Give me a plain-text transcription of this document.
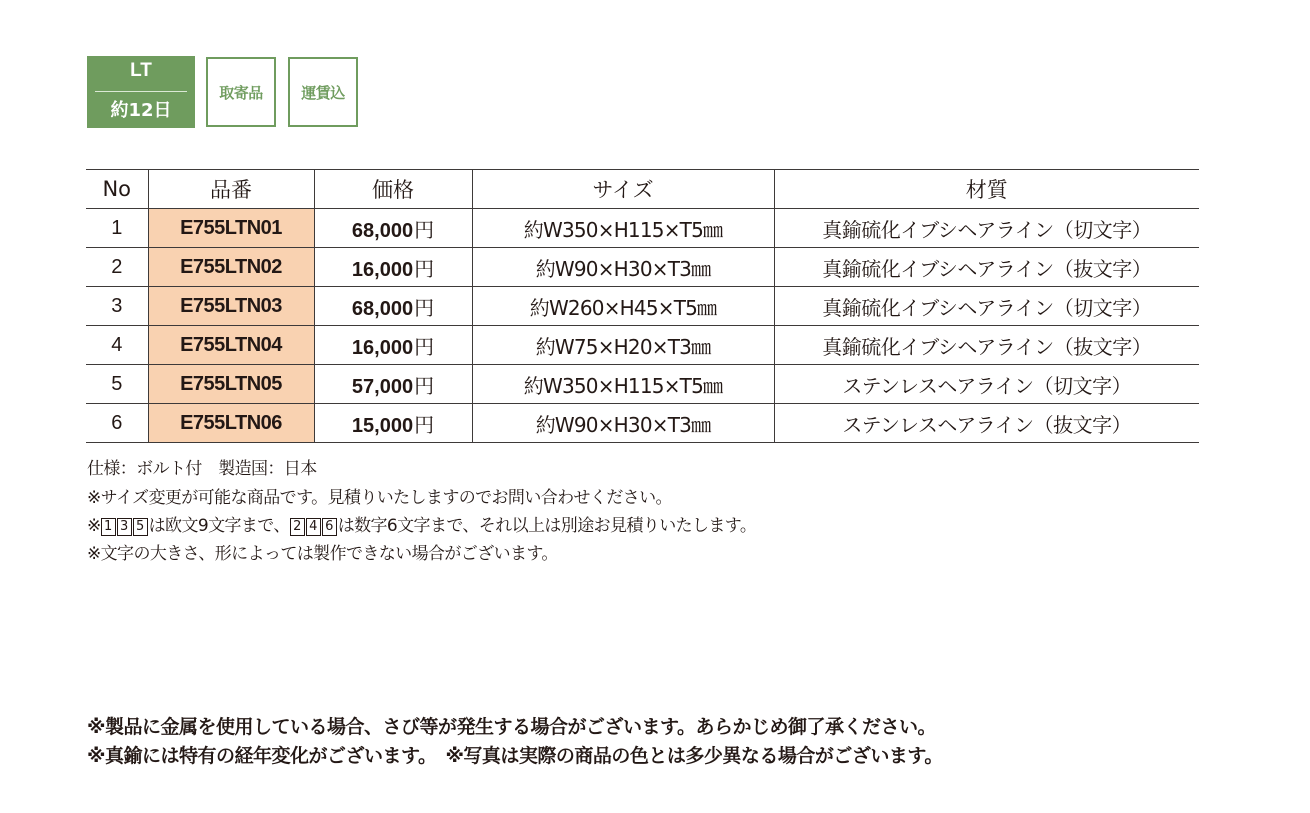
LT
約12日
取寄品	運賃込
No	品番	価格	サイズ	材質
1	E755LTN01	68,000円	約W350×H115×T5㎜	真鍮硫化イブシヘアライン（切文字）
2	E755LTN02	16,000円	約W90×H30×T3㎜	真鍮硫化イブシヘアライン（抜文字）
3	E755LTN03	68,000円	約W260×H45×T5㎜	真鍮硫化イブシヘアライン（切文字）
4	E755LTN04	16,000円	約W75×H20×T3㎜	真鍮硫化イブシヘアライン（抜文字）
5	E755LTN05	57,000円	約W350×H115×T5㎜	ステンレスヘアライン（切文字）
6	E755LTN06	15,000円	約W90×H30×T3㎜	ステンレスヘアライン（抜文字）
仕様：ボルト付　製造国：日本
※サイズ変更が可能な商品です。見積りいたしますのでお問い合わせください。
※ 1 3 5 は欧文9文字まで、 2 4 6 は数字6文字まで、それ以上は別途お見積りいたします。
※文字の大きさ、形によっては製作できない場合がございます。
※製品に金属を使用している場合、さび等が発生する場合がございます。あらかじめ御了承ください。
※真鍮には特有の経年変化がございます。　※写真は実際の商品の色とは多少異なる場合がございます。
